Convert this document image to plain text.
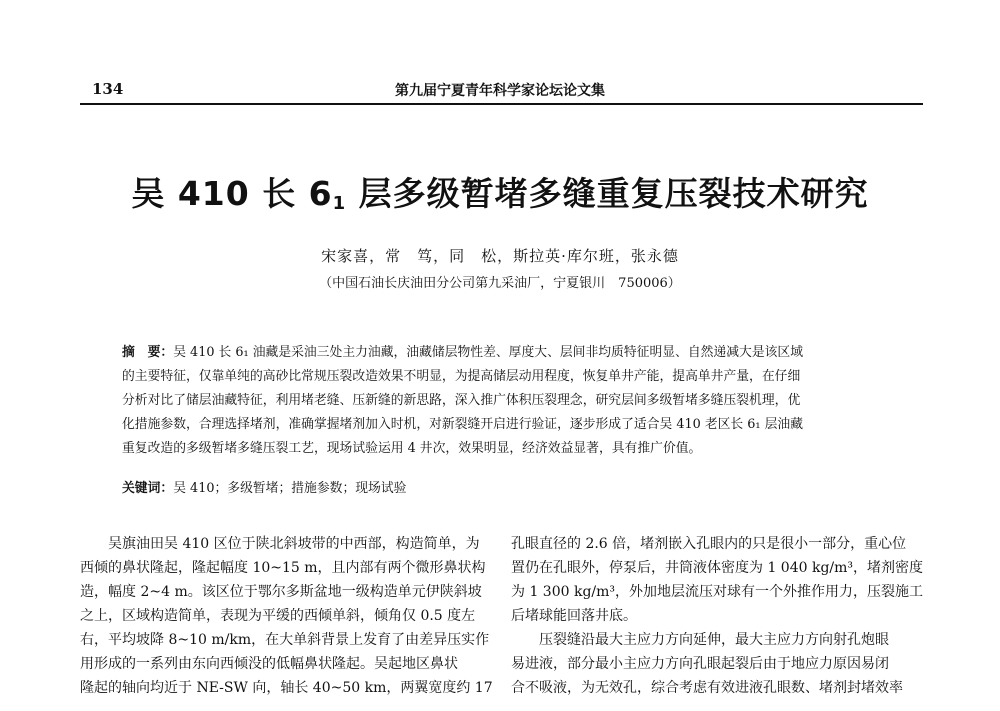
134	第九届宁夏青年科学家论坛论文集
吴 410 长 $6_1$ 层多级暂堵多缝重复压裂技术研究
宋家喜，常　笃，同　松，斯拉英·库尔班，张永德
（中国石油长庆油田分公司第九采油厂，宁夏银川　750006）
摘　要：吴 410 长 6₁ 油藏是采油三处主力油藏，油藏储层物性差、厚度大、层间非均质特征明显、自然递减大是该区域
的主要特征，仅靠单纯的高砂比常规压裂改造效果不明显，为提高储层动用程度，恢复单井产能，提高单井产量，在仔细
分析对比了储层油藏特征，利用堵老缝、压新缝的新思路，深入推广体积压裂理念，研究层间多级暂堵多缝压裂机理，优
化措施参数，合理选择堵剂，准确掌握堵剂加入时机，对新裂缝开启进行验证，逐步形成了适合吴 410 老区长 6₁ 层油藏
重复改造的多级暂堵多缝压裂工艺，现场试验运用 4 井次，效果明显，经济效益显著，具有推广价值。
关键词：吴 410；多级暂堵；措施参数；现场试验
吴旗油田吴 410 区位于陕北斜坡带的中西部，构造简单，为
西倾的鼻状隆起，隆起幅度 10~15 m，且内部有两个微形鼻状构
造，幅度 2~4 m。该区位于鄂尔多斯盆地一级构造单元伊陕斜坡
之上，区域构造简单，表现为平缓的西倾单斜，倾角仅 0.5 度左
右，平均坡降 8~10 m/km，在大单斜背景上发育了由差异压实作
用形成的一系列由东向西倾没的低幅鼻状隆起。吴起地区鼻状
隆起的轴向均近于 NE-SW 向，轴长 40~50 km，两翼宽度约 17
孔眼直径的 2.6 倍，堵剂嵌入孔眼内的只是很小一部分，重心位
置仍在孔眼外，停泵后，井筒液体密度为 1 040 kg/m³，堵剂密度
为 1 300 kg/m³，外加地层流压对球有一个外推作用力，压裂施工
后堵球能回落井底。
压裂缝沿最大主应力方向延伸，最大主应力方向射孔炮眼
易进液，部分最小主应力方向孔眼起裂后由于地应力原因易闭
合不吸液，为无效孔，综合考虑有效进液孔眼数、堵剂封堵效率
